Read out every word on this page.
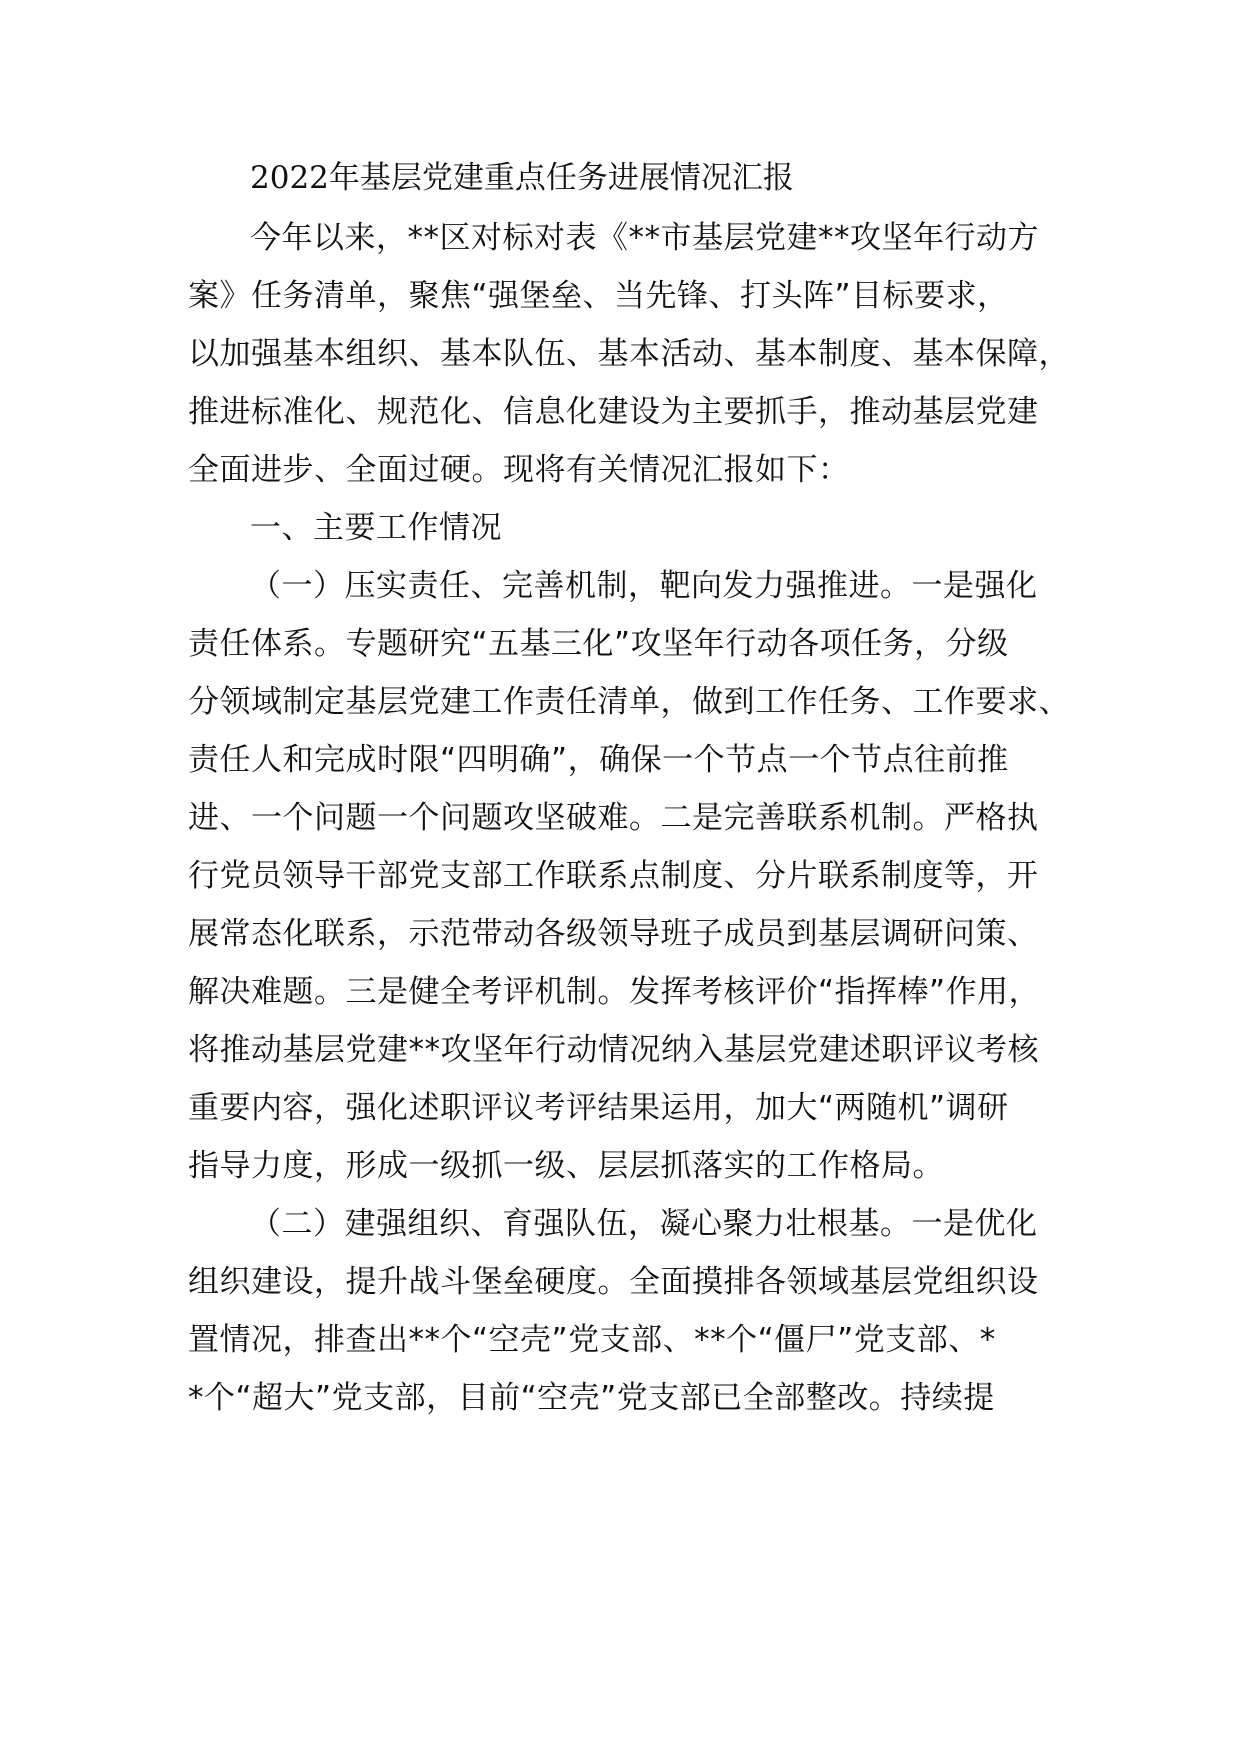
2022年基层党建重点任务进展情况汇报
今年以来，**区对标对表《**市基层党建**攻坚年行动方
案》任务清单，聚焦“强堡垒、当先锋、打头阵”目标要求，
以加强基本组织、基本队伍、基本活动、基本制度、基本保障，
推进标准化、规范化、信息化建设为主要抓手，推动基层党建
全面进步、全面过硬。现将有关情况汇报如下：
一、主要工作情况
（一）压实责任、完善机制，靶向发力强推进。一是强化
责任体系。专题研究“五基三化”攻坚年行动各项任务，分级
分领域制定基层党建工作责任清单，做到工作任务、工作要求、
责任人和完成时限“四明确”，确保一个节点一个节点往前推
进、一个问题一个问题攻坚破难。二是完善联系机制。严格执
行党员领导干部党支部工作联系点制度、分片联系制度等，开
展常态化联系，示范带动各级领导班子成员到基层调研问策、
解决难题。三是健全考评机制。发挥考核评价“指挥棒”作用，
将推动基层党建**攻坚年行动情况纳入基层党建述职评议考核
重要内容，强化述职评议考评结果运用，加大“两随机”调研
指导力度，形成一级抓一级、层层抓落实的工作格局。
（二）建强组织、育强队伍，凝心聚力壮根基。一是优化
组织建设，提升战斗堡垒硬度。全面摸排各领域基层党组织设
置情况，排查出**个“空壳”党支部、**个“僵尸”党支部、*
*个“超大”党支部，目前“空壳”党支部已全部整改。持续提
